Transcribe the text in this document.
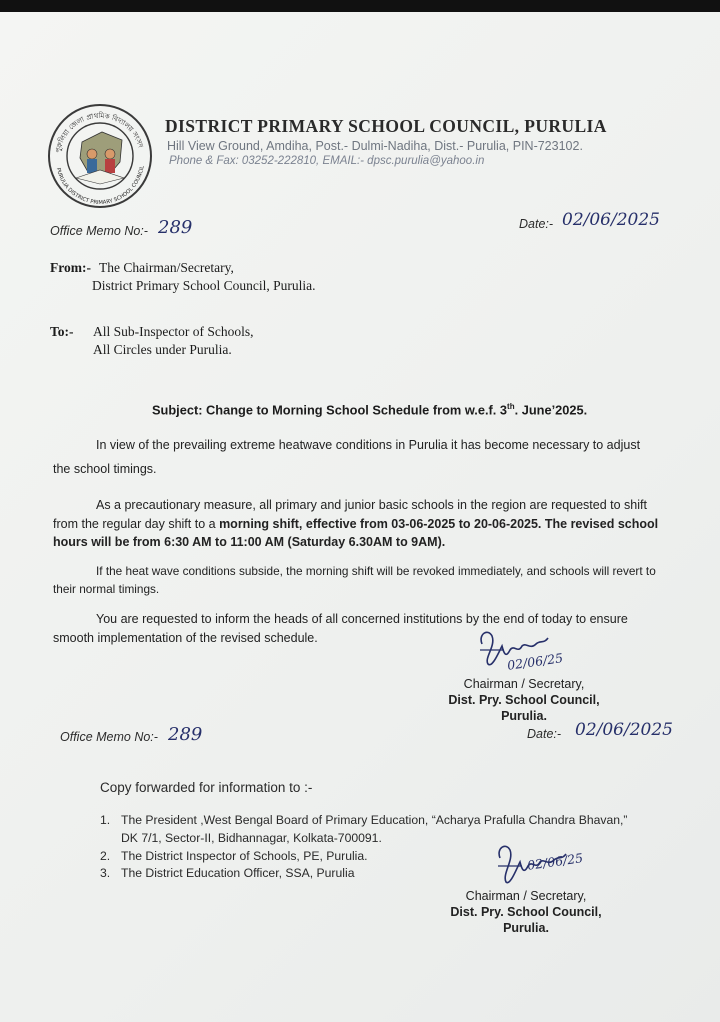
পুরুলিয়া জেলা প্রাথমিক বিদ্যালয় সংসদ
PURULIA DISTRICT PRIMARY SCHOOL COUNCIL
DISTRICT PRIMARY SCHOOL COUNCIL, PURULIA
Hill View Ground, Amdiha, Post.- Dulmi-Nadiha, Dist.- Purulia, PIN-723102.
Phone & Fax: 03252-222810, EMAIL:- dpsc.purulia@yahoo.in
Office Memo No:- 289	Date:- 02/06/2025
From:- The Chairman/Secretary,
District Primary School Council, Purulia.
To:- All Sub-Inspector of Schools,
All Circles under Purulia.
Subject: Change to Morning School Schedule from w.e.f. 3th. June’2025.
In view of the prevailing extreme heatwave conditions in Purulia it has become necessary to adjust
the school timings.
As a precautionary measure, all primary and junior basic schools in the region are requested to shift
from the regular day shift to a morning shift, effective from 03-06-2025 to 20-06-2025. The revised school
hours will be from 6:30 AM to 11:00 AM (Saturday 6.30AM to 9AM).
If the heat wave conditions subside, the morning shift will be revoked immediately, and schools will revert to
their normal timings.
You are requested to inform the heads of all concerned institutions by the end of today to ensure
smooth implementation of the revised schedule.
02/06/25
Chairman / Secretary,
Dist. Pry. School Council,
Purulia.
Office Memo No:- 289	Date:- 02/06/2025
Copy forwarded for information to :-
1. The President ,West Bengal Board of Primary Education, “Acharya Prafulla Chandra Bhavan,”
DK 7/1, Sector-II, Bidhannagar, Kolkata-700091.
2. The District Inspector of Schools, PE, Purulia.
3. The District Education Officer, SSA, Purulia
02/06/25
Chairman / Secretary,
Dist. Pry. School Council,
Purulia.
